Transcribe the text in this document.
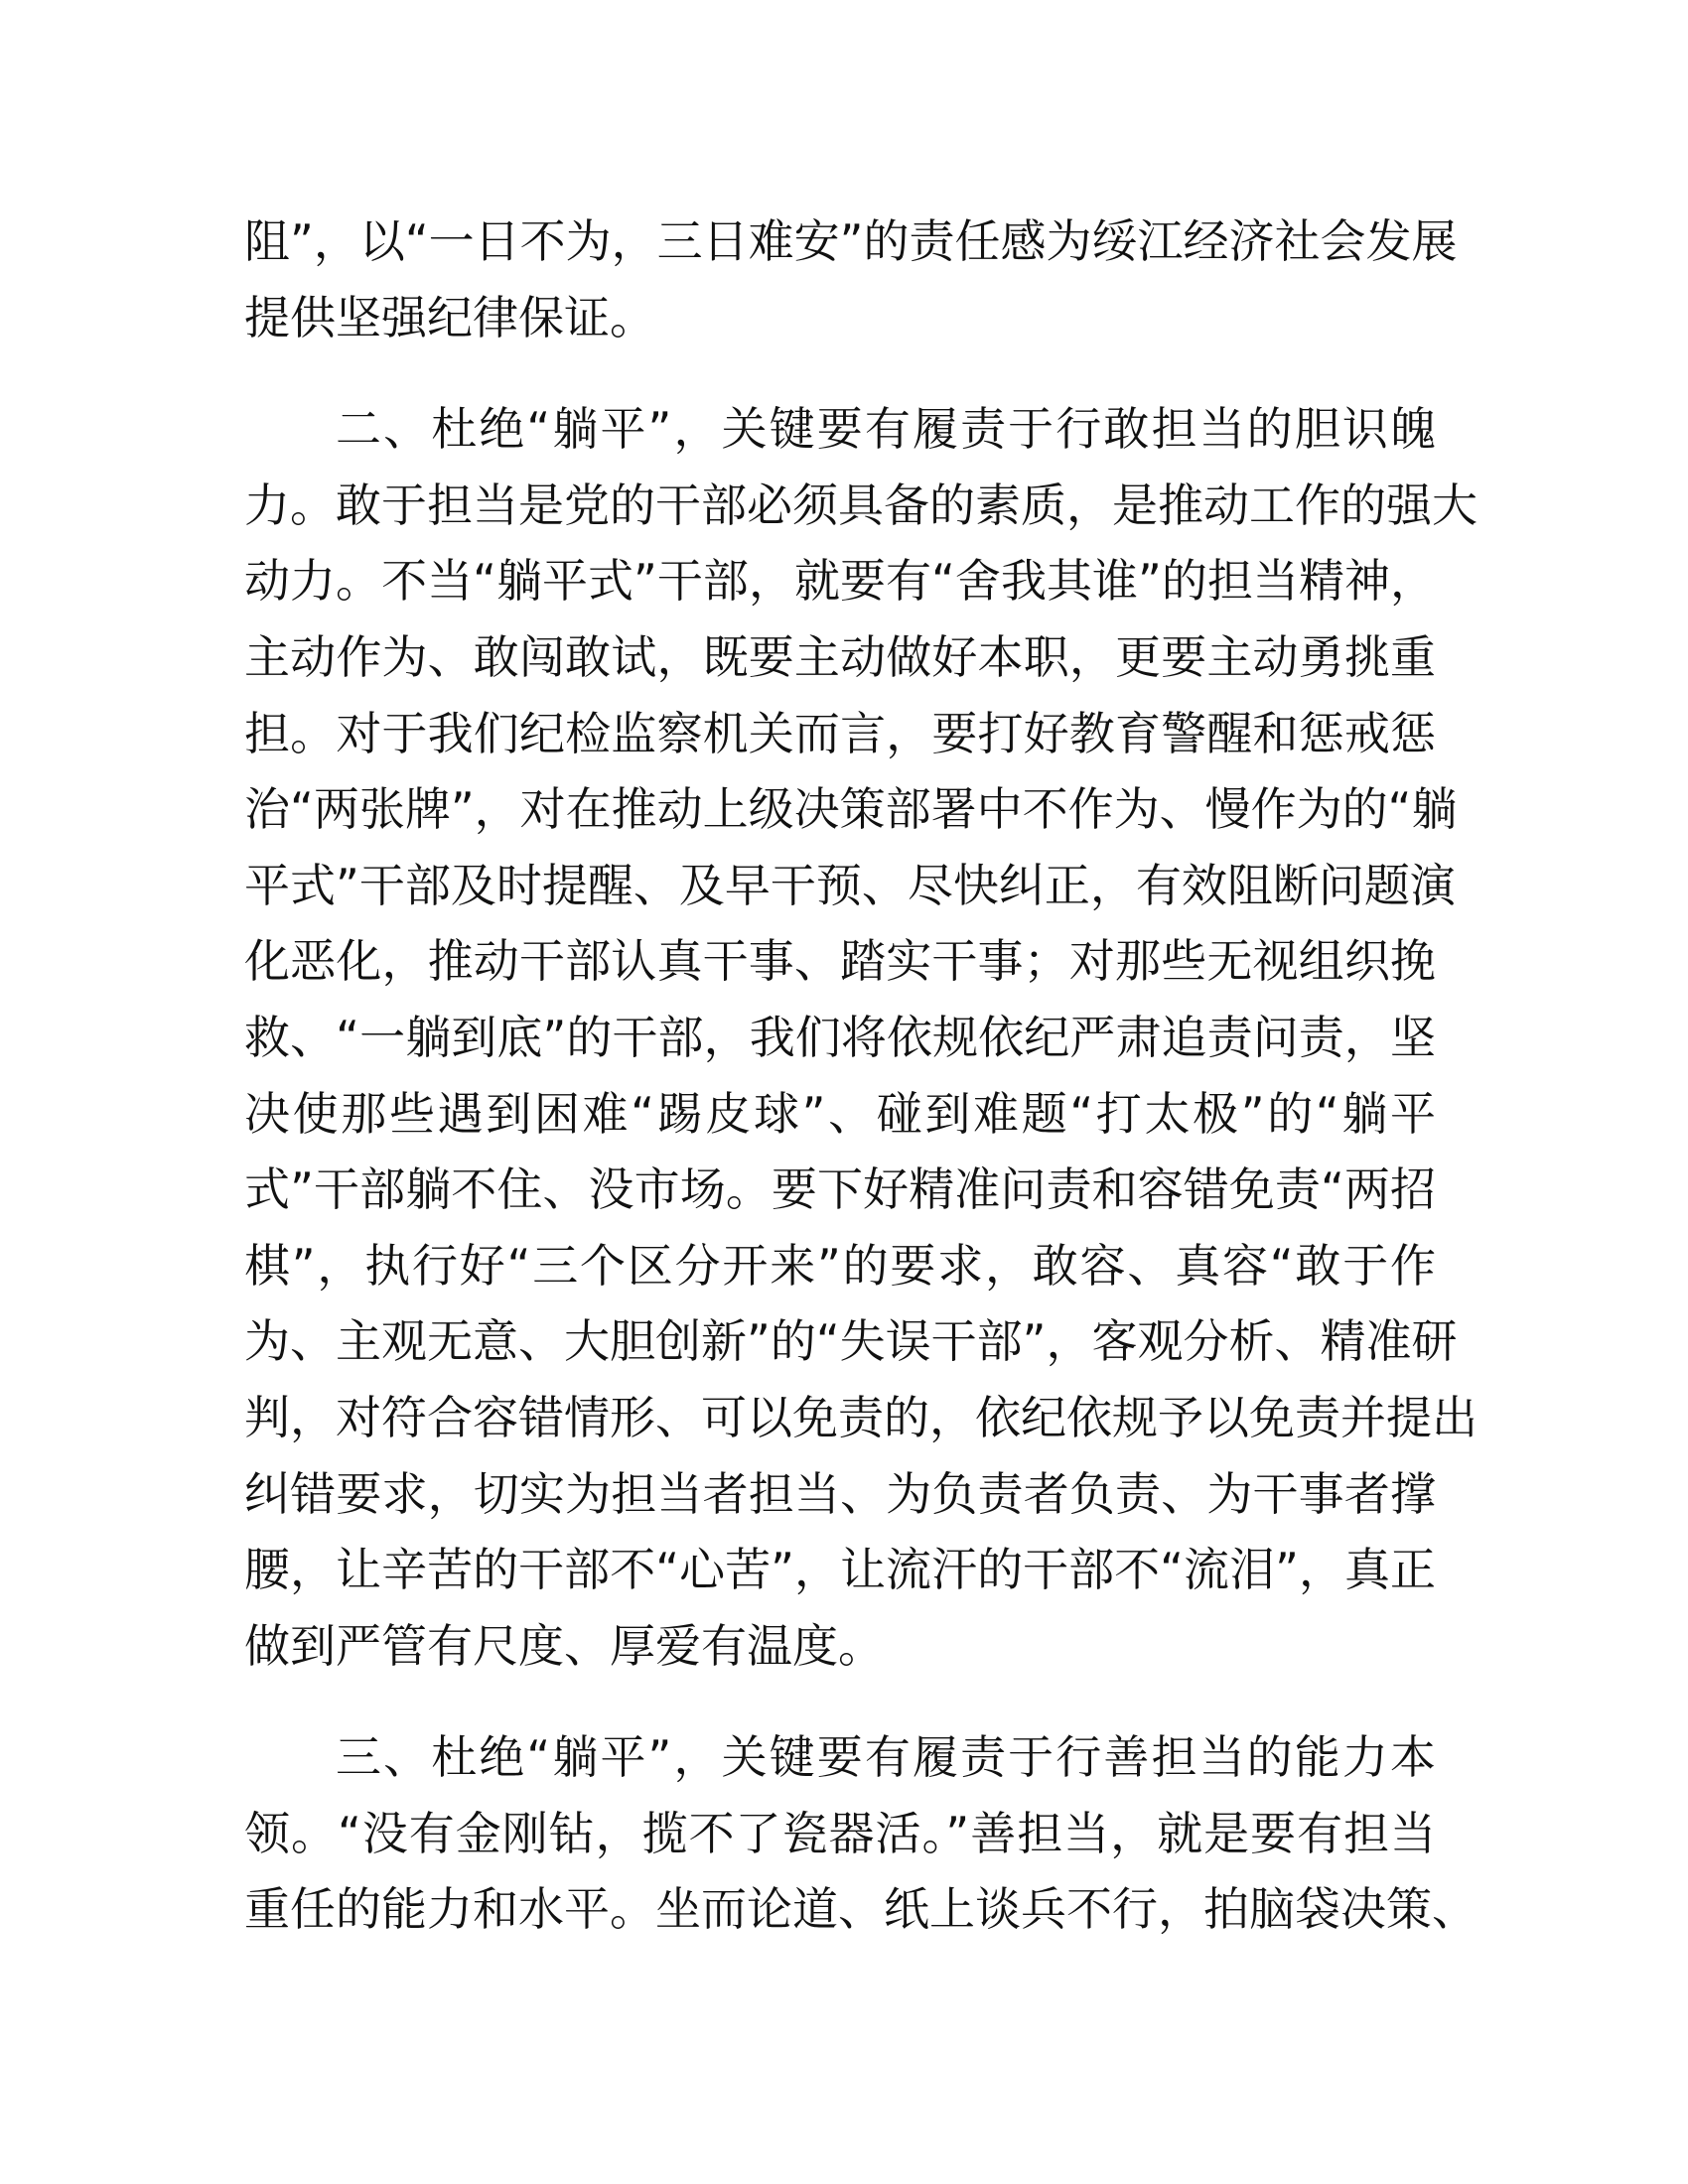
阻”，以“一日不为，三日难安”的责任感为绥江经济社会发展
提供坚强纪律保证。
二、杜绝“躺平”，关键要有履责于行敢担当的胆识魄
力。敢于担当是党的干部必须具备的素质，是推动工作的强大
动力。不当“躺平式”干部，就要有“舍我其谁”的担当精神，
主动作为、敢闯敢试，既要主动做好本职，更要主动勇挑重
担。对于我们纪检监察机关而言，要打好教育警醒和惩戒惩
治“两张牌”，对在推动上级决策部署中不作为、慢作为的“躺
平式”干部及时提醒、及早干预、尽快纠正，有效阻断问题演
化恶化，推动干部认真干事、踏实干事；对那些无视组织挽
救、“一躺到底”的干部，我们将依规依纪严肃追责问责，坚
决使那些遇到困难“踢皮球”、碰到难题“打太极”的“躺平
式”干部躺不住、没市场。要下好精准问责和容错免责“两招
棋”，执行好“三个区分开来”的要求，敢容、真容“敢于作
为、主观无意、大胆创新”的“失误干部”，客观分析、精准研
判，对符合容错情形、可以免责的，依纪依规予以免责并提出
纠错要求，切实为担当者担当、为负责者负责、为干事者撑
腰，让辛苦的干部不“心苦”，让流汗的干部不“流泪”，真正
做到严管有尺度、厚爱有温度。
三、杜绝“躺平”，关键要有履责于行善担当的能力本
领。“没有金刚钻，揽不了瓷器活。”善担当，就是要有担当
重任的能力和水平。坐而论道、纸上谈兵不行，拍脑袋决策、
